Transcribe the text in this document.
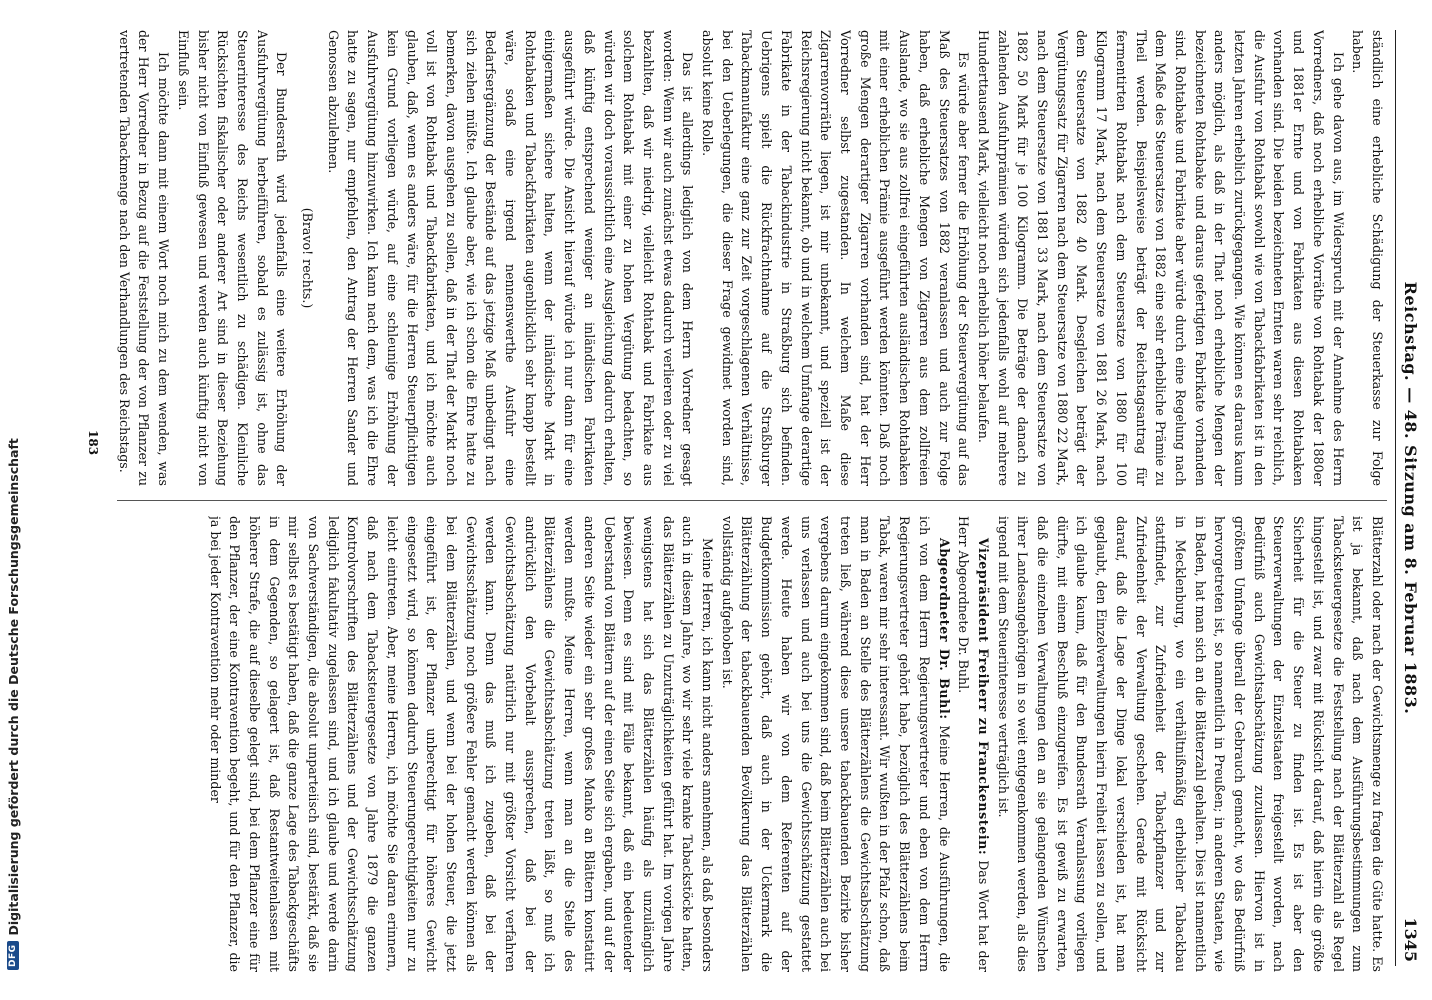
DFG
Digitalisierung gefördert durch die Deutsche Forschungsgemeinschaft	Reichstag. — 48. Sitzung am 8. Februar 1883.
1345

ständlich eine erhebliche Schädigung der Steuerkasse zur Folge haben.

Ich gehe davon aus, im Widerspruch mit der Annahme des Herrn Vorredners, daß noch erhebliche Vorräthe von Rohtabak der 1880er und 1881er Ernte und von Fabrikaten aus diesen Rohtabaken vorhanden sind. Die beiden bezeichneten Ernten waren sehr reichlich, die Ausfuhr von Rohtabak sowohl wie von Tabackfabrikaten ist in den letzten Jahren erheblich zurückgegangen. Wie können es daraus kaum anders möglich, als daß in der That noch erhebliche Mengen der bezeichneten Rohtabake und daraus gefertigten Fabrikate vorhanden sind. Rohtabake und Fabrikate aber würde durch eine Regelung nach dem Maße des Steuersatzes von 1882 eine sehr erhebliche Prämie zu Theil werden. Beispielsweise beträgt der Reichstagsantrag für fermentirten Rohtabak nach dem Steuersatze von 1880 für 100 Kilogramm 17 Mark, nach dem Steuersatze von 1881 26 Mark, nach dem Steuersatze von 1882 40 Mark. Desgleichen beträgt der Vergütungssatz für Zigarren nach dem Steuersatze von 1880 22 Mark, nach dem Steuersatze von 1881 33 Mark, nach dem Steuersatze von 1882 50 Mark für je 100 Kilogramm. Die Beträge der danach zu zahlenden Ausfuhrprämien würden sich jedenfalls wohl auf mehrere Hunderttausend Mark, vielleicht noch erheblich höher belaufen.

Es würde aber ferner die Erhöhung der Steuervergütung auf das Maß des Steuersatzes von 1882 veranlassen und auch zur Folge haben, daß erhebliche Mengen von Zigarren aus dem zollfreien Auslande, wo sie aus zollfrei eingeführten ausländischen Rohtabaken mit einer erheblichen Prämie ausgeführt werden könnten. Daß noch große Mengen derartiger Zigarren vorhanden sind, hat der Herr Vorredner selbst zugestanden. In welchem Maße diese Zigarrenvorräthe liegen, ist mir unbekannt, und speziell ist der Reichsregierung nicht bekannt, ob und in welchem Umfange derartige Fabrikate in der Tabackindustrie in Straßburg sich befinden. Uebrigens spielt die Rückfrachtnahme auf die Straßburger Tabackmanufaktur eine ganz zur Zeit vorgeschlagenen Verhältnisse, bei den Ueberlegungen, die dieser Frage gewidmet worden sind, absolut keine Rolle.

Das ist allerdings lediglich von dem Herrn Vorredner gesagt worden: Wenn wir auch zunächst etwas dadurch verlieren oder zu viel bezahlten, daß wir niedrig, vielleicht Rohtabak und Fabrikate aus solchem Rohtabak mit einer zu hohen Vergütung bedachten, so würden wir doch voraussichtlich eine Ausgleichung dadurch erhalten, daß künftig entsprechend weniger an inländischen Fabrikaten ausgeführt würde. Die Ansicht hierauf würde ich nur dann für eine einigermaßen sichere halten, wenn der inländische Markt in Rohtabaken und Tabackfabrikaten augenblicklich sehr knapp bestellt wäre, sodaß eine irgend nennenswerthe Ausfuhr eine Bedarfsergänzung der Bestände auf das jetzige Maß unbedingt nach sich ziehen müßte. Ich glaube aber, wie ich schon die Ehre hatte zu bemerken, davon ausgehen zu sollen, daß in der That der Markt noch voll ist von Rohtabak und Tabackfabrikaten, und ich möchte auch glauben, daß, wenn es anders wäre, für die Herren Steuerpflichtigen kein Grund vorliegen würde, auf eine schleunige Erhöhung der Ausfuhrvergütung hinzuwirken. Ich kann nach dem, was ich die Ehre hatte zu sagen, nur empfehlen, den Antrag der Herren Sander und Genossen abzulehnen.

(Bravo! rechts.)

Der Bundesrath wird jedenfalls eine weitere Erhöhung der Ausfuhrvergütung herbeiführen, sobald es zulässig ist, ohne das Steuerinteresse des Reichs wesentlich zu schädigen. Kleinliche Rücksichten fiskalischer oder anderer Art sind in dieser Beziehung bisher nicht von Einfluß gewesen und werden auch künftig nicht von Einfluß sein.

Ich möchte dann mit einem Wort noch mich zu dem wenden, was der Herr Vorredner in Bezug auf die Feststellung der von Pflanzer zu vertretenden Tabackmenge nach den Verhandlungen des Reichstags.

Blätterzahl oder nach der Gewichtsmenge zu fragen die Güte hatte. Es ist ja bekannt, daß nach dem Ausführungsbestimmungen zum Tabacksteuergesetze die Feststellung nach der Blätterzahl als Regel hingestellt ist, und zwar mit Rücksicht darauf, daß hierin die größte Sicherheit für die Steuer zu finden ist. Es ist aber den Steuerverwaltungen der Einzelstaaten freigestellt worden, nach Bedürfniß auch Gewichtsabschätzung zuzulassen. Hiervon ist in größtem Umfange überall der Gebrauch gemacht, wo das Bedürfniß hervorgetreten ist, so namentlich in Preußen; in anderen Staaten, wie in Baden, hat man sich an die Blätterzahl gehalten. Dies ist namentlich in Mecklenburg, wo ein verhältnißmäßig erheblicher Tabackbau stattfindet, zur Zufriedenheit der Tabackpflanzer und zur Zufriedenheit der Verwaltung geschehen. Gerade mit Rücksicht darauf, daß die Lage der Dinge lokal verschieden ist, hat man geglaubt, den Einzelverwaltungen hierin Freiheit lassen zu sollen, und ich glaube kaum, daß für den Bundesrath Veranlassung vorliegen dürfte, mit einem Beschluß einzugreifen. Es ist gewiß zu erwarten, daß die einzelnen Verwaltungen den an sie gelangenden Wünschen ihrer Landesangehörigen in so weit entgegenkommen werden, als dies irgend mit dem Steuerinteresse verträglich ist.

Vizepräsident Freiherr zu Franckenstein: Das Wort hat der Herr Abgeordnete Dr. Buhl.

Abgeordneter Dr. Buhl: Meine Herren, die Ausführungen, die ich von dem Herrn Regierungsvertreter und eben von dem Herrn Regierungsvertreter gehört habe, bezüglich des Blätterzählens beim Tabak, waren mir sehr interessant. Wir wußten in der Pfalz schon, daß man in Baden an Stelle des Blätterzählens die Gewichtsabschätzung treten ließ, während diese unsere tabackbauenden Bezirke bisher vergebens darum eingekommen sind, daß beim Blätterzählen auch bei uns verlassen und auch bei uns die Gewichtsschätzung gestattet werde. Heute haben wir von dem Referenten auf der Budgetkommission gehört, daß auch in der Uckermark die Blätterzählung der tabackbauenden Bevölkerung das Blätterzählen vollständig aufgehoben ist.

Meine Herren, ich kann nicht anders annehmen, als daß besonders auch in diesem Jahre, wo wir sehr viele kranke Tabackstöcke hatten, das Blätterzählen zu Unzuträglichkeiten geführt hat. Im vorigen Jahre wenigstens hat sich das Blätterzählen häufig als unzulänglich bewiesen. Denn es sind mit Fälle bekannt, daß ein bedeutender Ueberstand von Blättern auf der einen Seite sich ergaben, und auf der anderen Seite wieder ein sehr großes Manko an Blättern konstatirt werden mußte. Meine Herren, wenn man an die Stelle des Blätterzählens die Gewichtsabschätzung treten läßt, so muß ich andrücklich den Vorbehalt aussprechen, daß bei der Gewichtsabschätzung natürlich nur mit größter Vorsicht verfahren werden kann. Denn das muß ich zugeben, daß bei der Gewichtsschätzung noch größere Fehler gemacht werden können als bei dem Blätterzählen, und wenn bei der hohen Steuer, die jetzt eingeführt ist, der Pflanzer unberechtigt für höheres Gewicht eingesetzt wird, so können dadurch Steuerungerechtigkeiten nur zu leicht eintreten. Aber, meine Herren, ich möchte Sie daran erinnern, daß nach dem Tabacksteuergesetze von Jahre 1879 die ganzen Kontrolvorschriften des Blätterzählens und der Gewichtsschätzung lediglich fakultativ zugelassen sind, und ich glaube und werde darin von Sachverständigen, die absolut unparteiisch sind, bestärkt, daß sie mir selbst es bestätigt haben, daß die ganze Lage des Tabackgeschäfts in dem Gegenden, so gelagert ist, daß Restantweitenlassen mit höherer Strafe, die auf dieselbe gelegt sind, bei dem Pflanzer eine für den Pflanzer, der eine Kontravention begeht, und für den Pflanzer, die ja bei jeder Kontravention mehr oder minder

183
